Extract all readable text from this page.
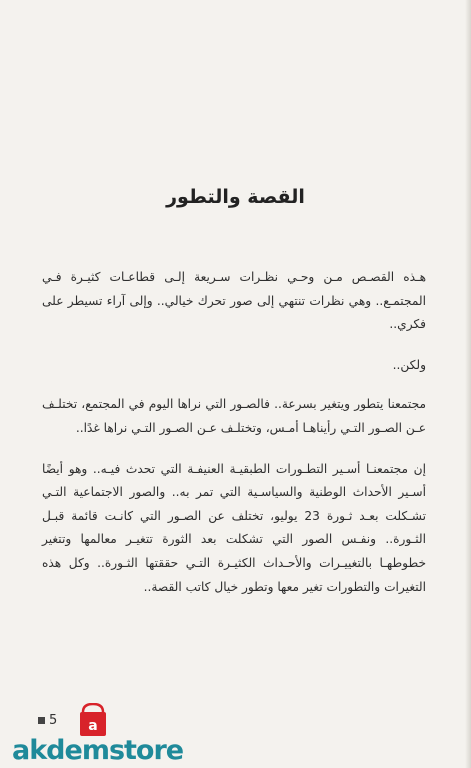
القصة والتطور

هـذه القصـص مـن وحـي نظـرات سـريعة إلـى قطاعـات كثيـرة فـي المجتمـع.. وهي نظرات تنتهي إلى صور تحرك خيالي.. وإلى آراء تسيطر على فكري..

ولكن..

مجتمعنا يتطور ويتغير بسرعة.. فالصـور التي نراها اليوم في المجتمع، تختلـف عـن الصـور التـي رأيناهـا أمـس، وتختلـف عـن الصـور التـي نراها غدًا..

إن مجتمعنـا أسـير التطـورات الطبقيـة العنيفـة التي تحدث فيـه.. وهو أيضًا أسـير الأحداث الوطنية والسياسـية التي تمر به.. والصور الاجتماعية التـي تشـكلت بعـد ثـورة 23 يوليو، تختلف عن الصـور التي كانـت قائمة قبـل الثـورة.. ونفـس الصور التي تشكلت بعد الثورة تتغيـر معالمها وتتغير خطوطهـا بالتغييـرات والأحـداث الكثيـرة التـي حققتها الثـورة.. وكل هذه التغيرات والتطورات تغير معها وتطور خيال كاتب القصة..

5 a
akdemstore
